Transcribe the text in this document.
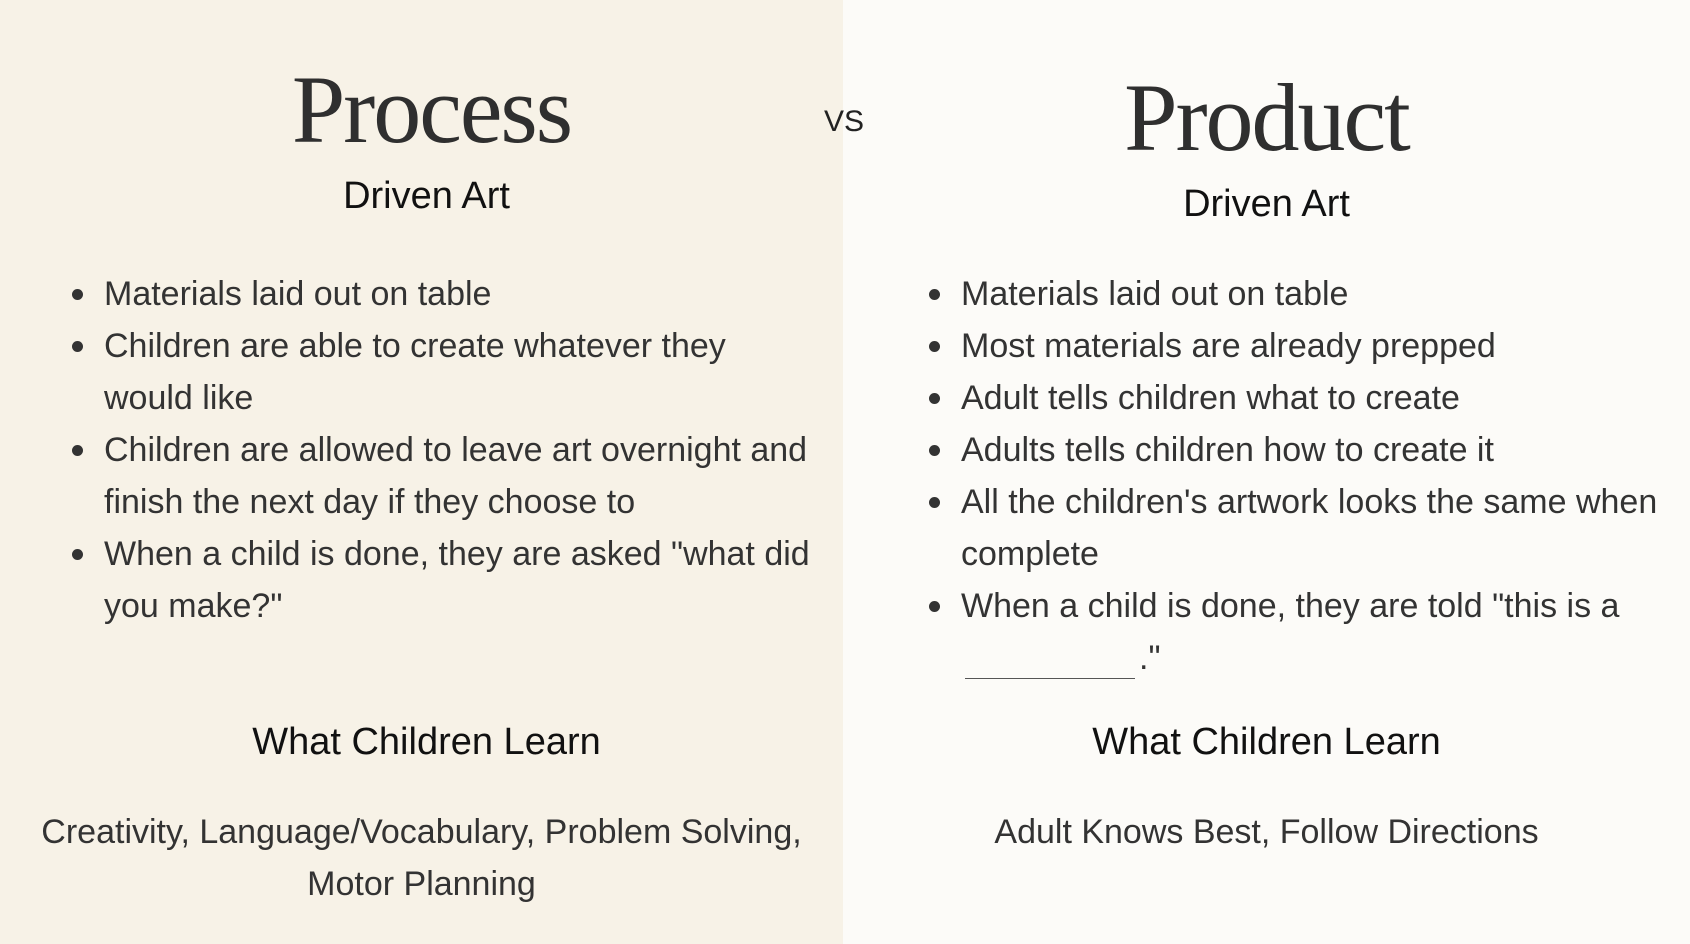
Process
Driven Art
Materials laid out on table
Children are able to create whatever they would like
Children are allowed to leave art overnight and finish the next day if they choose to
When a child is done, they are asked "what did you make?"
What Children Learn

Creativity, Language/Vocabulary, Problem Solving, Motor Planning

Product
Driven Art
Materials laid out on table
Most materials are already prepped
Adult tells children what to create
Adults tells children how to create it
All the children's artwork looks the same when complete
When a child is done, they are told "this is a."
What Children Learn

Adult Knows Best, Follow Directions

VS
